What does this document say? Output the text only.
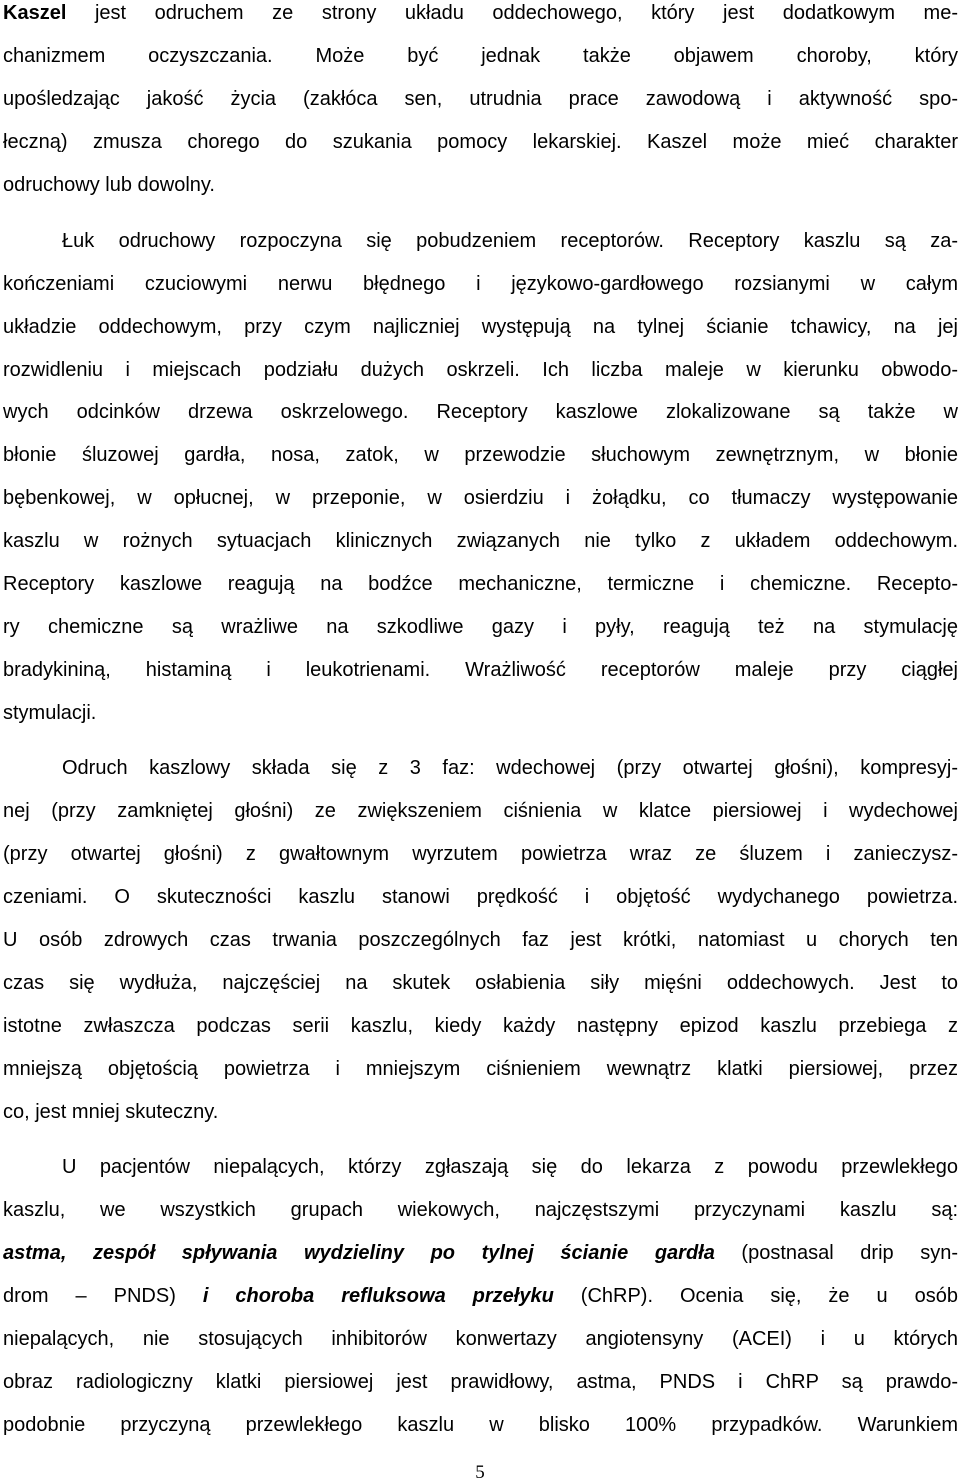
Kaszel jest odruchem ze strony układu oddechowego, który jest dodatkowym me-
chanizmem oczyszczania. Może być jednak także objawem choroby, który
upośledzając jakość życia (zakłóca sen, utrudnia prace zawodową i aktywność spo-
łeczną) zmusza chorego do szukania pomocy lekarskiej. Kaszel może mieć charakter
odruchowy lub dowolny.
Łuk odruchowy rozpoczyna się pobudzeniem receptorów. Receptory kaszlu są za-
kończeniami czuciowymi nerwu błędnego i językowo-gardłowego rozsianymi w całym
układzie oddechowym, przy czym najliczniej występują na tylnej ścianie tchawicy, na jej
rozwidleniu i miejscach podziału dużych oskrzeli. Ich liczba maleje w kierunku obwodo-
wych odcinków drzewa oskrzelowego. Receptory kaszlowe zlokalizowane są także w
błonie śluzowej gardła, nosa, zatok, w przewodzie słuchowym zewnętrznym, w błonie
bębenkowej, w opłucnej, w przeponie, w osierdziu i żołądku, co tłumaczy występowanie
kaszlu w rożnych sytuacjach klinicznych związanych nie tylko z układem oddechowym.
Receptory kaszlowe reagują na bodźce mechaniczne, termiczne i chemiczne. Recepto-
ry chemiczne są wrażliwe na szkodliwe gazy i pyły, reagują też na stymulację
bradykininą, histaminą i leukotrienami. Wrażliwość receptorów maleje przy ciągłej
stymulacji.
Odruch kaszlowy składa się z 3 faz: wdechowej (przy otwartej głośni), kompresyj-
nej (przy zamkniętej głośni) ze zwiększeniem ciśnienia w klatce piersiowej i wydechowej
(przy otwartej głośni) z gwałtownym wyrzutem powietrza wraz ze śluzem i zanieczysz-
czeniami. O skuteczności kaszlu stanowi prędkość i objętość wydychanego powietrza.
U osób zdrowych czas trwania poszczególnych faz jest krótki, natomiast u chorych ten
czas się wydłuża, najczęściej na skutek osłabienia siły mięśni oddechowych. Jest to
istotne zwłaszcza podczas serii kaszlu, kiedy każdy następny epizod kaszlu przebiega z
mniejszą objętością powietrza i mniejszym ciśnieniem wewnątrz klatki piersiowej, przez
co, jest mniej skuteczny.
U pacjentów niepalących, którzy zgłaszają się do lekarza z powodu przewlekłego
kaszlu, we wszystkich grupach wiekowych, najczęstszymi przyczynami kaszlu są:
astma, zespół spływania wydzieliny po tylnej ścianie gardła (postnasal drip syn-
drom – PNDS) i choroba refluksowa przełyku (ChRP). Ocenia się, że u osób
niepalących, nie stosujących inhibitorów konwertazy angiotensyny (ACEI) i u których
obraz radiologiczny klatki piersiowej jest prawidłowy, astma, PNDS i ChRP są prawdo-
podobnie przyczyną przewlekłego kaszlu w blisko 100% przypadków. Warunkiem
5
